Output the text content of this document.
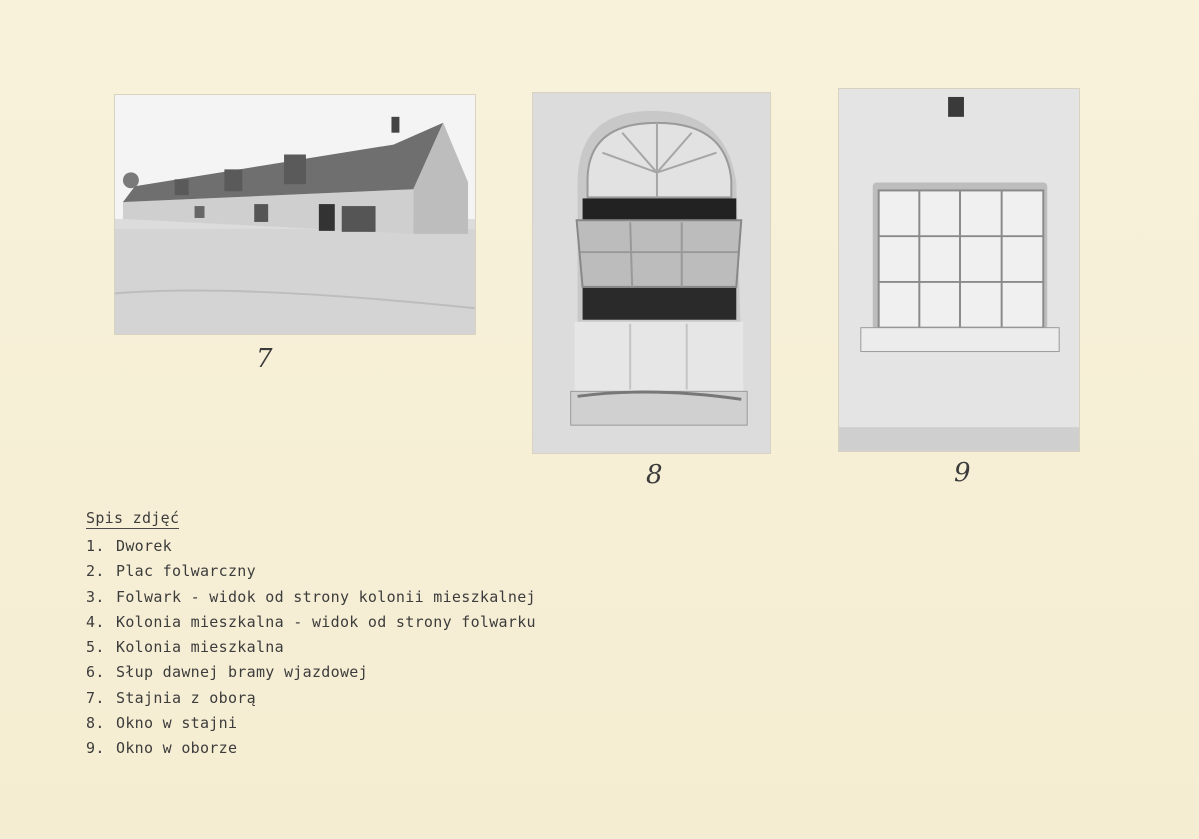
7
8	9
Spis zdjęć
1. Dworek
2. Plac folwarczny
3. Folwark - widok od strony kolonii mieszkalnej
4. Kolonia mieszkalna - widok od strony folwarku
5. Kolonia mieszkalna
6. Słup dawnej bramy wjazdowej
7. Stajnia z oborą
8. Okno w stajni
9. Okno w oborze
